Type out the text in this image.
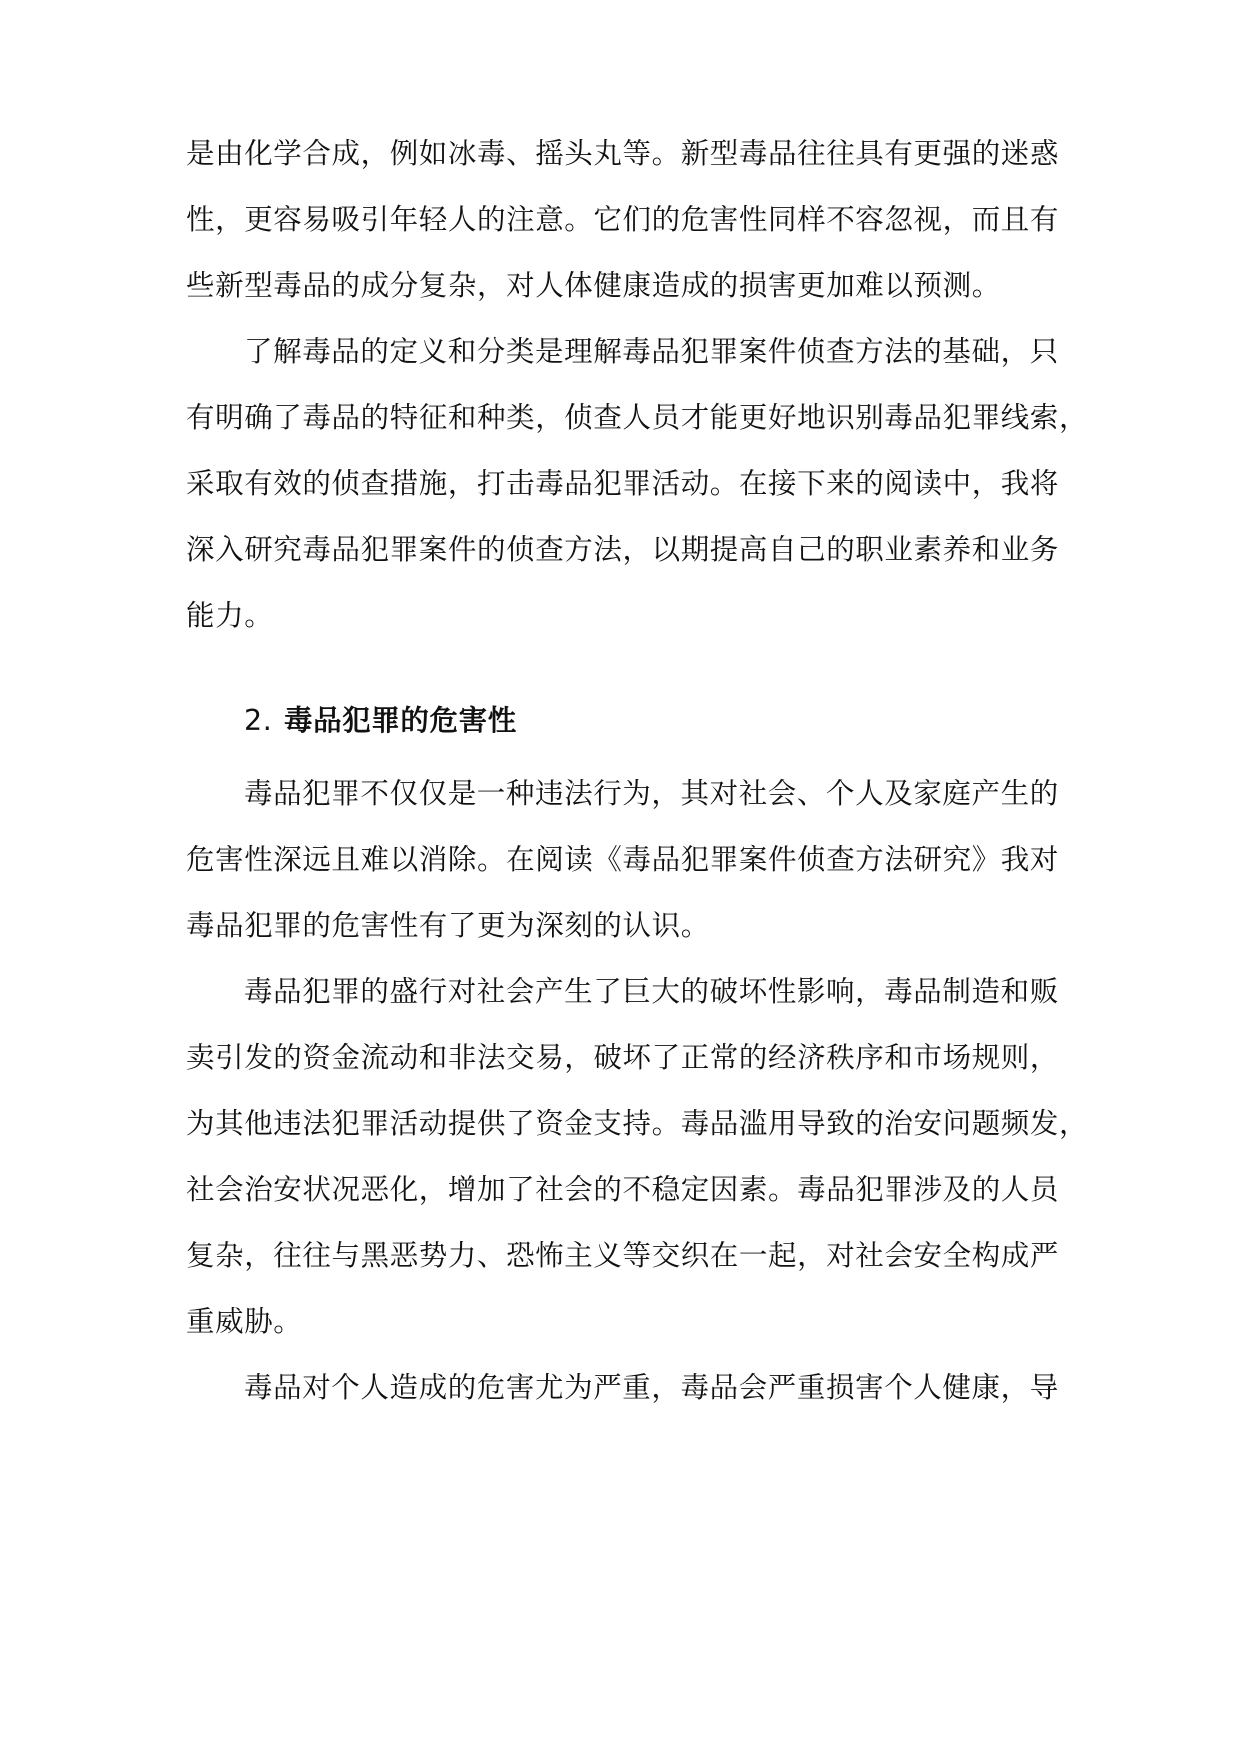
是由化学合成，例如冰毒、摇头丸等。新型毒品往往具有更强的迷惑
性，更容易吸引年轻人的注意。它们的危害性同样不容忽视，而且有
些新型毒品的成分复杂，对人体健康造成的损害更加难以预测。
了解毒品的定义和分类是理解毒品犯罪案件侦查方法的基础，只
有明确了毒品的特征和种类，侦查人员才能更好地识别毒品犯罪线索，
采取有效的侦查措施，打击毒品犯罪活动。在接下来的阅读中，我将
深入研究毒品犯罪案件的侦查方法，以期提高自己的职业素养和业务
能力。
2. 毒品犯罪的危害性
毒品犯罪不仅仅是一种违法行为，其对社会、个人及家庭产生的
危害性深远且难以消除。在阅读《毒品犯罪案件侦查方法研究》我对
毒品犯罪的危害性有了更为深刻的认识。
毒品犯罪的盛行对社会产生了巨大的破坏性影响，毒品制造和贩
卖引发的资金流动和非法交易，破坏了正常的经济秩序和市场规则，
为其他违法犯罪活动提供了资金支持。毒品滥用导致的治安问题频发，
社会治安状况恶化，增加了社会的不稳定因素。毒品犯罪涉及的人员
复杂，往往与黑恶势力、恐怖主义等交织在一起，对社会安全构成严
重威胁。
毒品对个人造成的危害尤为严重，毒品会严重损害个人健康，导
